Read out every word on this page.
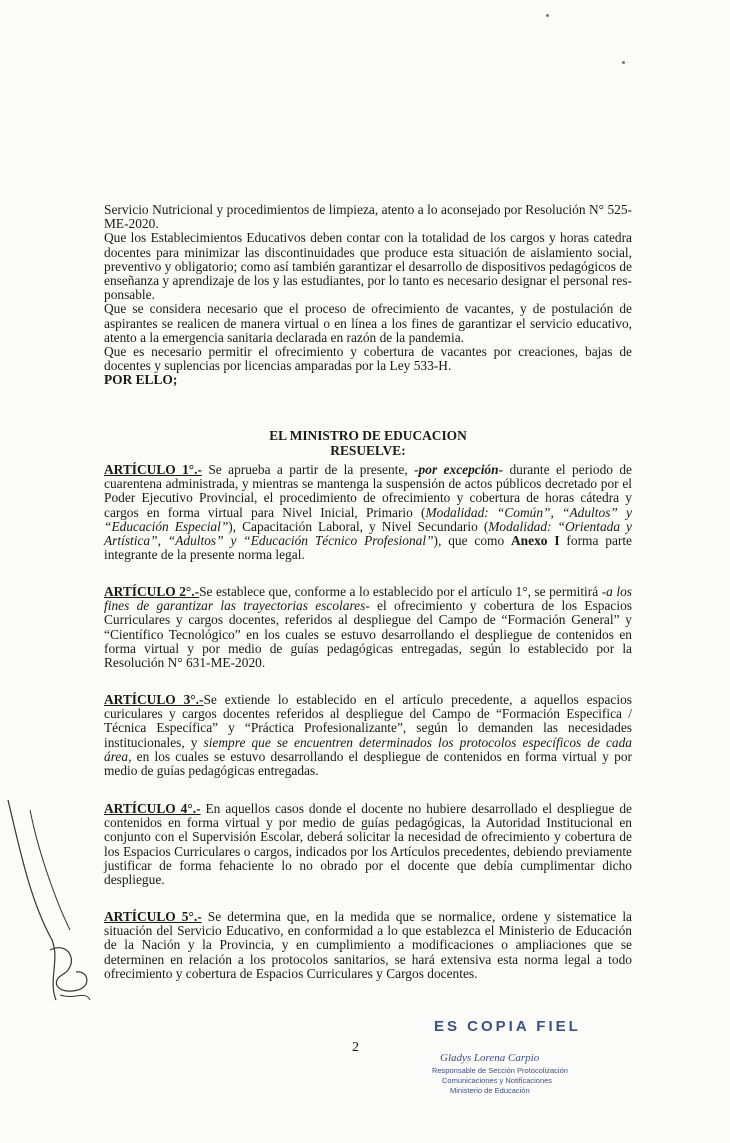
Servicio Nutricional y procedimientos de limpieza, atento a lo aconsejado por Resolución N° 525-ME-2020.

Que los Establecimientos Educativos deben contar con la totalidad de los cargos y horas catedra docentes para minimizar las discontinuidades que produce esta situación de aislamiento social, preventivo y obligatorio; como así también garantizar el desarrollo de dispositivos pedagógicos de enseñanza y aprendizaje de los y las estudiantes, por lo tanto es necesario designar el personal res-ponsable.

Que se considera necesario que el proceso de ofrecimiento de vacantes, y de postulación de aspirantes se realicen de manera virtual o en línea a los fines de garantizar el servicio educativo, atento a la emergencia sanitaria declarada en razón de la pandemia.

Que es necesario permitir el ofrecimiento y cobertura de vacantes por creaciones, bajas de docentes y suplencias por licencias amparadas por la Ley 533-H.

POR ELLO;

EL MINISTRO DE EDUCACION
RESUELVE:

ARTÍCULO 1°.- Se aprueba a partir de la presente, -por excepción- durante el periodo de cuarentena administrada, y mientras se mantenga la suspensión de actos públicos decretado por el Poder Ejecutivo Provincial, el procedimiento de ofrecimiento y cobertura de horas cátedra y cargos en forma virtual para Nivel Inicial, Primario (Modalidad: “Común”, “Adultos” y “Educación Especial”), Capacitación Laboral, y Nivel Secundario (Modalidad: “Orientada y Artística”, “Adultos” y “Educación Técnico Profesional”), que como Anexo I forma parte integrante de la presente norma legal.

ARTÍCULO 2°.-Se establece que, conforme a lo establecido por el artículo 1°, se permitirá -a los fines de garantizar las trayectorias escolares- el ofrecimiento y cobertura de los Espacios Curriculares y cargos docentes, referidos al despliegue del Campo de “Formación General” y “Científico Tecnológico” en los cuales se estuvo desarrollando el despliegue de contenidos en forma virtual y por medio de guías pedagógicas entregadas, según lo establecido por la Resolución N° 631-ME-2020.

ARTÍCULO 3°.-Se extiende lo establecido en el artículo precedente, a aquellos espacios curiculares y cargos docentes referidos al despliegue del Campo de “Formación Especifica / Técnica Específica” y “Práctica Profesionalizante”, según lo demanden las necesidades institucionales, y siempre que se encuentren determinados los protocolos específicos de cada área, en los cuales se estuvo desarrollando el despliegue de contenidos en forma virtual y por medio de guías pedagógicas entregadas.

ARTÍCULO 4°.- En aquellos casos donde el docente no hubiere desarrollado el despliegue de contenidos en forma virtual y por medio de guías pedagógicas, la Autoridad Institucional en conjunto con el Supervisión Escolar, deberá solicitar la necesidad de ofrecimiento y cobertura de los Espacios Curriculares o cargos, indicados por los Artículos precedentes, debiendo previamente justificar de forma fehaciente lo no obrado por el docente que debía cumplimentar dicho despliegue.

ARTÍCULO 5°.- Se determina que, en la medida que se normalice, ordene y sistematice la situación del Servicio Educativo, en conformidad a lo que establezca el Ministerio de Educación de la Nación y la Provincia, y en cumplimiento a modificaciones o ampliaciones que se determinen en relación a los protocolos sanitarios, se hará extensiva esta norma legal a todo ofrecimiento y cobertura de Espacios Curriculares y Cargos docentes.

2
ES COPIA FIEL
Gladys Lorena Carpio
Responsable de Sección Protocolización
Comunicaciones y Notificaciones
Ministerio de Educación
